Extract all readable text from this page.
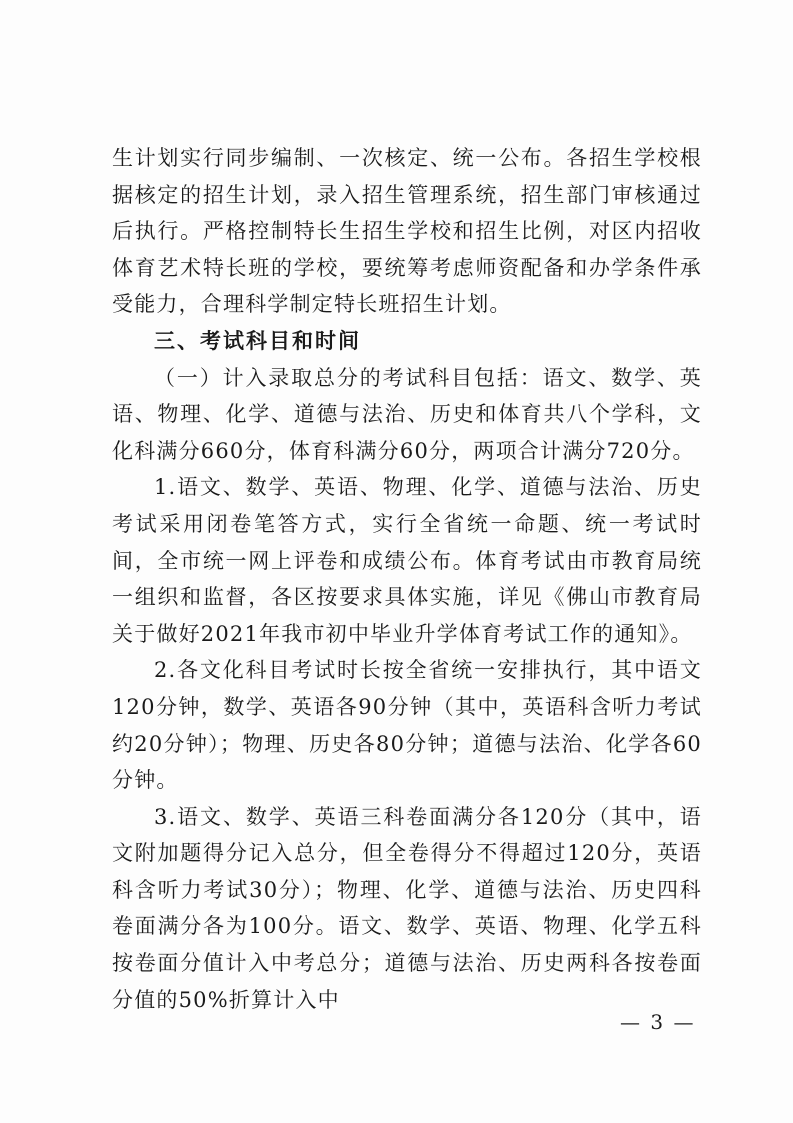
生计划实行同步编制、一次核定、统一公布。各招生学校根据核定的招生计划，录入招生管理系统，招生部门审核通过后执行。严格控制特长生招生学校和招生比例，对区内招收体育艺术特长班的学校，要统筹考虑师资配备和办学条件承受能力，合理科学制定特长班招生计划。

三、考试科目和时间

（一）计入录取总分的考试科目包括：语文、数学、英语、物理、化学、道德与法治、历史和体育共八个学科，文化科满分660分，体育科满分60分，两项合计满分720分。

1.语文、数学、英语、物理、化学、道德与法治、历史考试采用闭卷笔答方式，实行全省统一命题、统一考试时间，全市统一网上评卷和成绩公布。体育考试由市教育局统一组织和监督，各区按要求具体实施，详见《佛山市教育局关于做好2021年我市初中毕业升学体育考试工作的通知》。

2.各文化科目考试时长按全省统一安排执行，其中语文120分钟，数学、英语各90分钟（其中，英语科含听力考试约20分钟）；物理、历史各80分钟；道德与法治、化学各60分钟。

3.语文、数学、英语三科卷面满分各120分（其中，语文附加题得分记入总分，但全卷得分不得超过120分，英语科含听力考试30分）；物理、化学、道德与法治、历史四科卷面满分各为100分。语文、数学、英语、物理、化学五科按卷面分值计入中考总分；道德与法治、历史两科各按卷面分值的50%折算计入中

— 3 —
